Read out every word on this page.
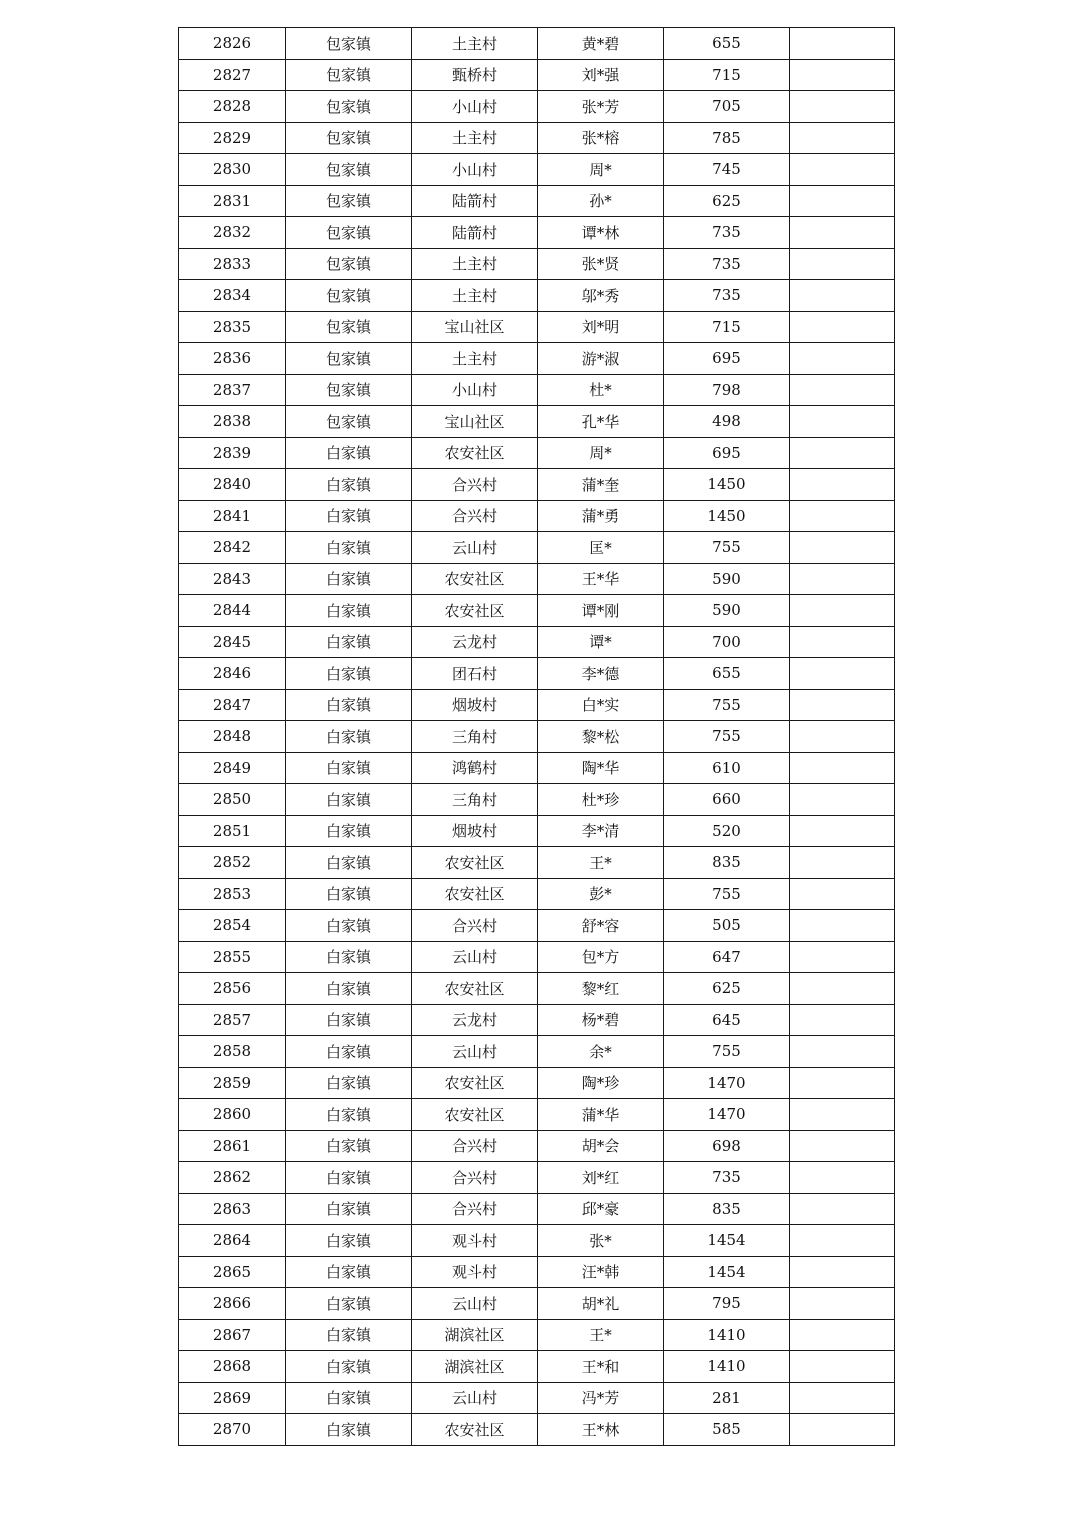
2826	包家镇	土主村	黄*碧	655	
2827	包家镇	甄桥村	刘*强	715	
2828	包家镇	小山村	张*芳	705	
2829	包家镇	土主村	张*榕	785	
2830	包家镇	小山村	周*	745	
2831	包家镇	陆箭村	孙*	625	
2832	包家镇	陆箭村	谭*林	735	
2833	包家镇	土主村	张*贤	735	
2834	包家镇	土主村	邬*秀	735	
2835	包家镇	宝山社区	刘*明	715	
2836	包家镇	土主村	游*淑	695	
2837	包家镇	小山村	杜*	798	
2838	包家镇	宝山社区	孔*华	498	
2839	白家镇	农安社区	周*	695	
2840	白家镇	合兴村	蒲*奎	1450	
2841	白家镇	合兴村	蒲*勇	1450	
2842	白家镇	云山村	匡*	755	
2843	白家镇	农安社区	王*华	590	
2844	白家镇	农安社区	谭*刚	590	
2845	白家镇	云龙村	谭*	700	
2846	白家镇	团石村	李*德	655	
2847	白家镇	烟坡村	白*实	755	
2848	白家镇	三角村	黎*松	755	
2849	白家镇	鸿鹤村	陶*华	610	
2850	白家镇	三角村	杜*珍	660	
2851	白家镇	烟坡村	李*清	520	
2852	白家镇	农安社区	王*	835	
2853	白家镇	农安社区	彭*	755	
2854	白家镇	合兴村	舒*容	505	
2855	白家镇	云山村	包*方	647	
2856	白家镇	农安社区	黎*红	625	
2857	白家镇	云龙村	杨*碧	645	
2858	白家镇	云山村	余*	755	
2859	白家镇	农安社区	陶*珍	1470	
2860	白家镇	农安社区	蒲*华	1470	
2861	白家镇	合兴村	胡*会	698	
2862	白家镇	合兴村	刘*红	735	
2863	白家镇	合兴村	邱*豪	835	
2864	白家镇	观斗村	张*	1454	
2865	白家镇	观斗村	汪*韩	1454	
2866	白家镇	云山村	胡*礼	795	
2867	白家镇	湖滨社区	王*	1410	
2868	白家镇	湖滨社区	王*和	1410	
2869	白家镇	云山村	冯*芳	281	
2870	白家镇	农安社区	王*林	585	
